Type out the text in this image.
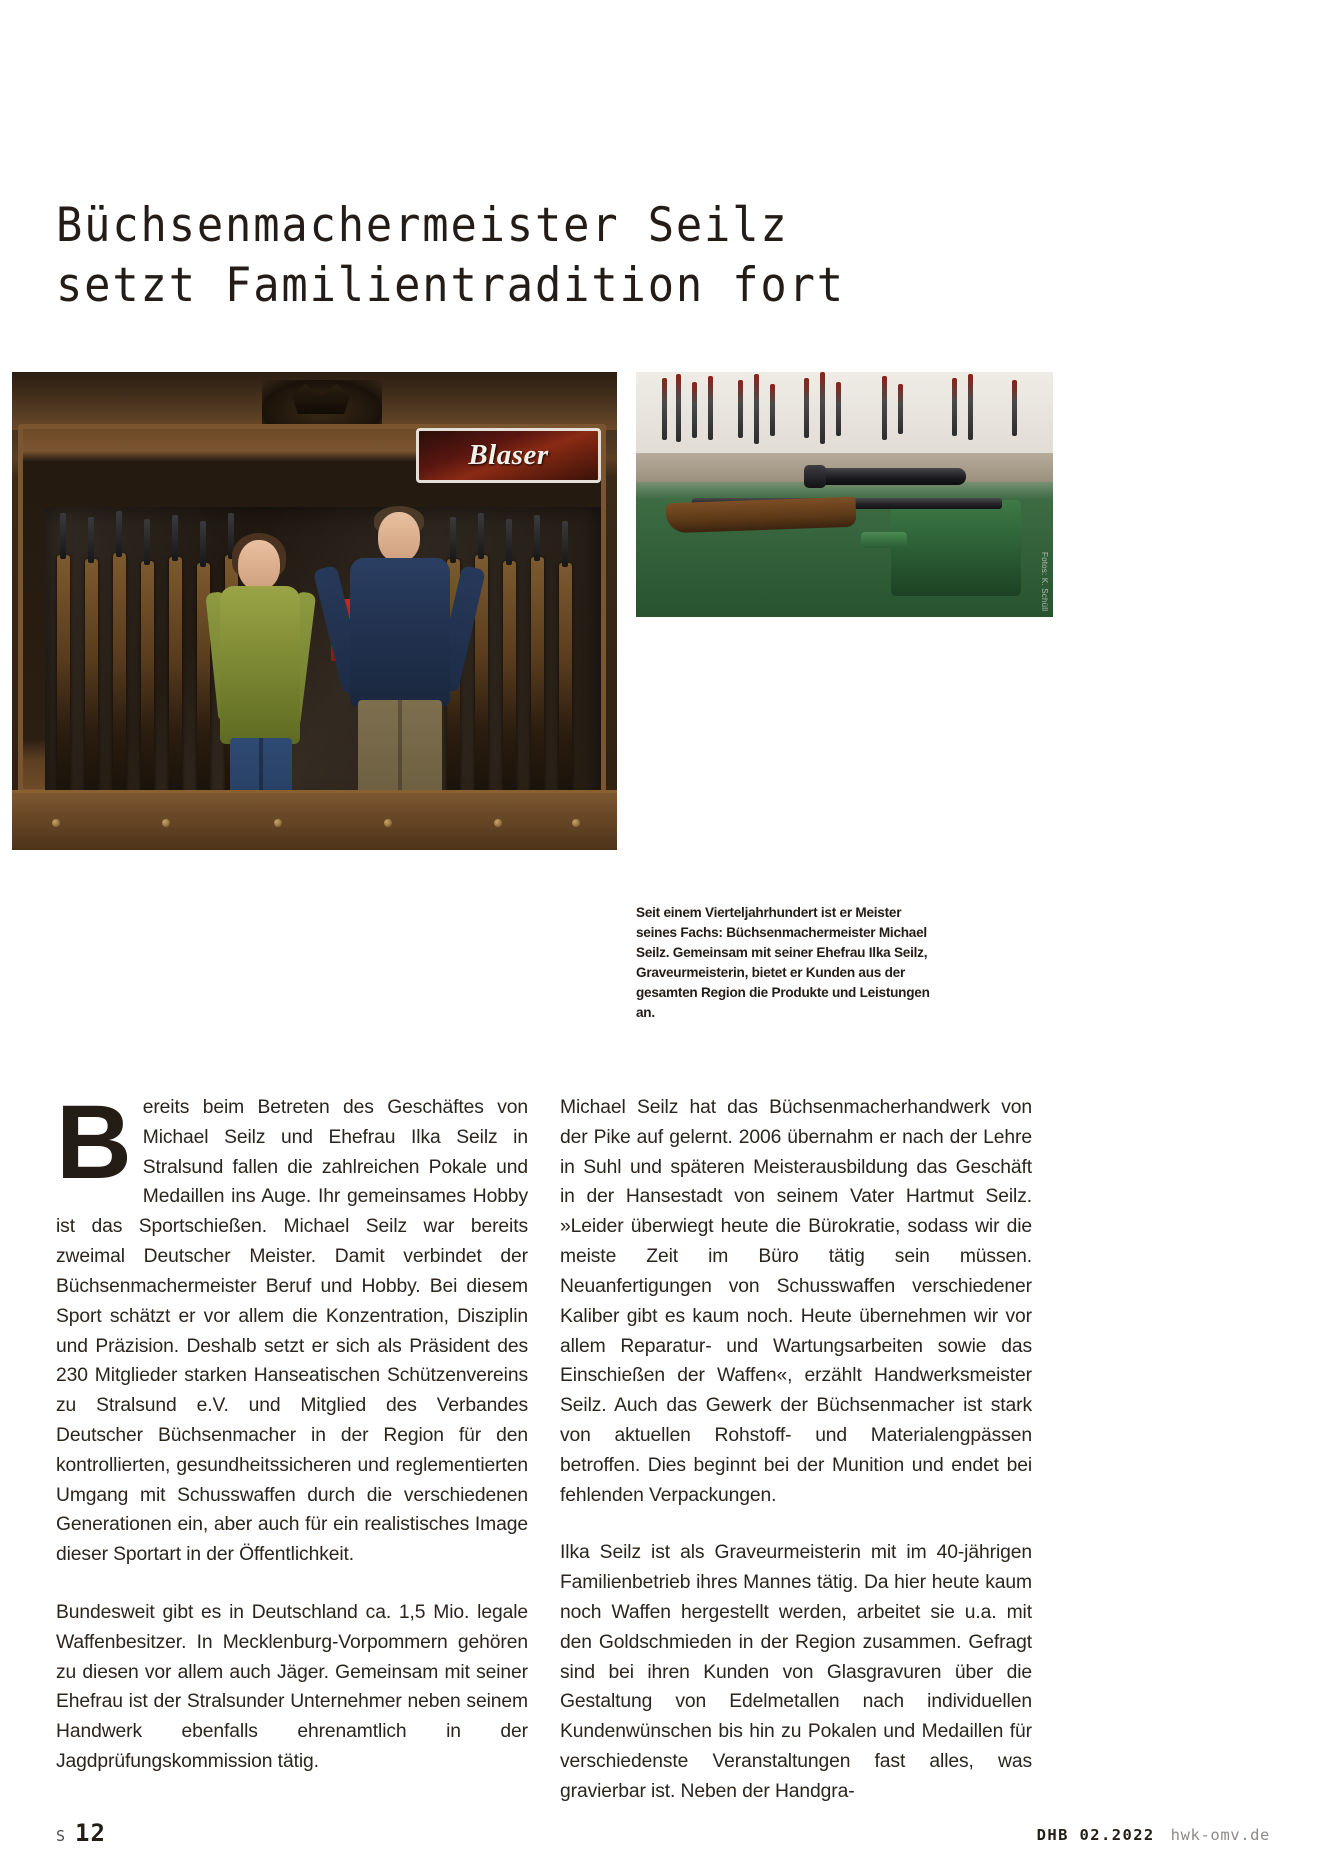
Büchsenmachermeister Seilz
setzt Familientradition fort
Blaser
Fotos: K. Schüll
Seit einem Vierteljahrhundert ist er Meister seines Fachs: Büchsenmachermeister Michael Seilz. Gemeinsam mit seiner Ehefrau Ilka Seilz, Graveurmeisterin, bietet er Kunden aus der gesamten Region die Produkte und Leistungen an.

Bereits beim Betreten des Geschäftes von Michael Seilz und Ehefrau Ilka Seilz in Stralsund fallen die zahlreichen Pokale und Medaillen ins Auge. Ihr gemeinsames Hobby ist das Sportschießen. Michael Seilz war bereits zweimal Deutscher Meister. Damit verbindet der Büchsenmachermeister Beruf und Hobby. Bei diesem Sport schätzt er vor allem die Konzentration, Disziplin und Präzision. Deshalb setzt er sich als Präsident des 230 Mitglieder starken Hanseatischen Schützenvereins zu Stralsund e.V. und Mitglied des Verbandes Deutscher Büchsenmacher in der Region für den kontrollierten, gesundheitssicheren und reglementierten Umgang mit Schusswaffen durch die verschiedenen Generationen ein, aber auch für ein realistisches Image dieser Sportart in der Öffentlichkeit.

Bundesweit gibt es in Deutschland ca. 1,5 Mio. legale Waffenbesitzer. In Mecklenburg-Vorpommern gehören zu diesen vor allem auch Jäger. Gemeinsam mit seiner Ehefrau ist der Stralsunder Unternehmer neben seinem Handwerk ebenfalls ehrenamtlich in der Jagdprüfungskommission tätig.

Michael Seilz hat das Büchsenmacherhandwerk von der Pike auf gelernt. 2006 übernahm er nach der Lehre in Suhl und späteren Meisterausbildung das Geschäft in der Hansestadt von seinem Vater Hartmut Seilz. »Leider überwiegt heute die Bürokratie, sodass wir die meiste Zeit im Büro tätig sein müssen. Neuanfertigungen von Schusswaffen verschiedener Kaliber gibt es kaum noch. Heute übernehmen wir vor allem Reparatur- und Wartungsarbeiten sowie das Einschießen der Waffen«, erzählt Handwerksmeister Seilz. Auch das Gewerk der Büchsenmacher ist stark von aktuellen Rohstoff- und Materialengpässen betroffen. Dies beginnt bei der Munition und endet bei fehlenden Verpackungen.

Ilka Seilz ist als Graveurmeisterin mit im 40-jährigen Familienbetrieb ihres Mannes tätig. Da hier heute kaum noch Waffen hergestellt werden, arbeitet sie u.a. mit den Goldschmieden in der Region zusammen. Gefragt sind bei ihren Kunden von Glasgravuren über die Gestaltung von Edelmetallen nach individuellen Kundenwünschen bis hin zu Pokalen und Medaillen für verschiedenste Veranstaltungen fast alles, was gravierbar ist. Neben der Handgra-

S 12	DHB 02.2022 hwk-omv.de
